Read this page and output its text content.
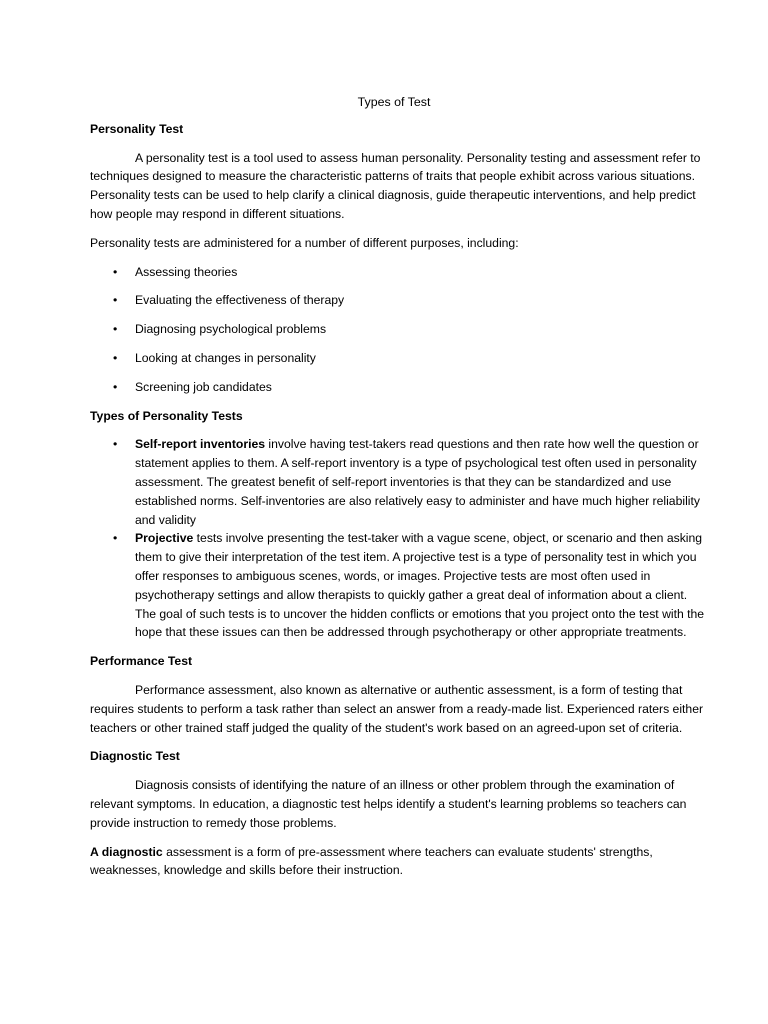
Types of Test
Personality Test
A personality test is a tool used to assess human personality. Personality testing and assessment refer to techniques designed to measure the characteristic patterns of traits that people exhibit across various situations. Personality tests can be used to help clarify a clinical diagnosis, guide therapeutic interventions, and help predict how people may respond in different situations.
Personality tests are administered for a number of different purposes, including:
• Assessing theories
• Evaluating the effectiveness of therapy
• Diagnosing psychological problems
• Looking at changes in personality
• Screening job candidates
Types of Personality Tests
• Self-report inventories involve having test-takers read questions and then rate how well the question or statement applies to them. A self-report inventory is a type of psychological test often used in personality assessment. The greatest benefit of self-report inventories is that they can be standardized and use established norms. Self-inventories are also relatively easy to administer and have much higher reliability and validity
• Projective tests involve presenting the test-taker with a vague scene, object, or scenario and then asking them to give their interpretation of the test item. A projective test is a type of personality test in which you offer responses to ambiguous scenes, words, or images. Projective tests are most often used in psychotherapy settings and allow therapists to quickly gather a great deal of information about a client. The goal of such tests is to uncover the hidden conflicts or emotions that you project onto the test with the hope that these issues can then be addressed through psychotherapy or other appropriate treatments.
Performance Test
Performance assessment, also known as alternative or authentic assessment, is a form of testing that requires students to perform a task rather than select an answer from a ready-made list. Experienced raters either teachers or other trained staff judged the quality of the student's work based on an agreed-upon set of criteria.
Diagnostic Test
Diagnosis consists of identifying the nature of an illness or other problem through the examination of relevant symptoms. In education, a diagnostic test helps identify a student's learning problems so teachers can provide instruction to remedy those problems.
A diagnostic assessment is a form of pre-assessment where teachers can evaluate students' strengths, weaknesses, knowledge and skills before their instruction.
